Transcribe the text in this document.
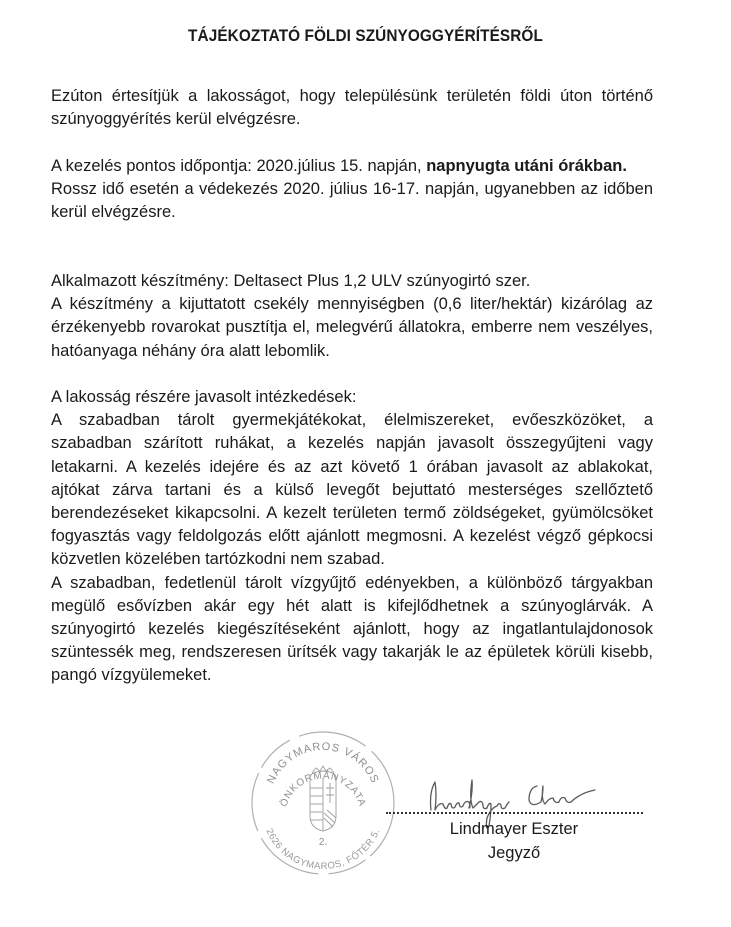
TÁJÉKOZTATÓ FÖLDI SZÚNYOGGYÉRÍTÉSRŐL

Ezúton értesítjük a lakosságot, hogy településünk területén földi úton történő szúnyoggyérítés kerül elvégzésre.

A kezelés pontos időpontja: 2020.július 15. napján, napnyugta utáni órákban.

Rossz idő esetén a védekezés 2020. július 16-17. napján, ugyanebben az időben kerül elvégzésre.

Alkalmazott készítmény: Deltasect Plus 1,2 ULV szúnyogirtó szer.

A készítmény a kijuttatott csekély mennyiségben (0,6 liter/hektár) kizárólag az érzékenyebb rovarokat pusztítja el, melegvérű állatokra, emberre nem veszélyes, hatóanyaga néhány óra alatt lebomlik.

A lakosság részére javasolt intézkedések:

A szabadban tárolt gyermekjátékokat, élelmiszereket, evőeszközöket, a szabadban szárított ruhákat, a kezelés napján javasolt összegyűjteni vagy letakarni. A kezelés idejére és az azt követő 1 órában javasolt az ablakokat, ajtókat zárva tartani és a külső levegőt bejuttató mesterséges szellőztető berendezéseket kikapcsolni. A kezelt területen termő zöldségeket, gyümölcsöket fogyasztás vagy feldolgozás előtt ajánlott megmosni. A kezelést végző gépkocsi közvetlen közelében tartózkodni nem szabad.

A szabadban, fedetlenül tárolt vízgyűjtő edényekben, a különböző tárgyakban megülő esővízben akár egy hét alatt is kifejlődhetnek a szúnyoglárvák. A szúnyogirtó kezelés kiegészítéseként ajánlott, hogy az ingatlantulajdonosok szüntessék meg, rendszeresen ürítsék vagy takarják le az épületek körüli kisebb, pangó vízgyülemeket.

NAGYMAROS VÁROS
ÖNKORMÁNYZATA
2626 NAGYMAROS, FŐTÉR 5.
2.
Lindmayer Eszter
Jegyző
